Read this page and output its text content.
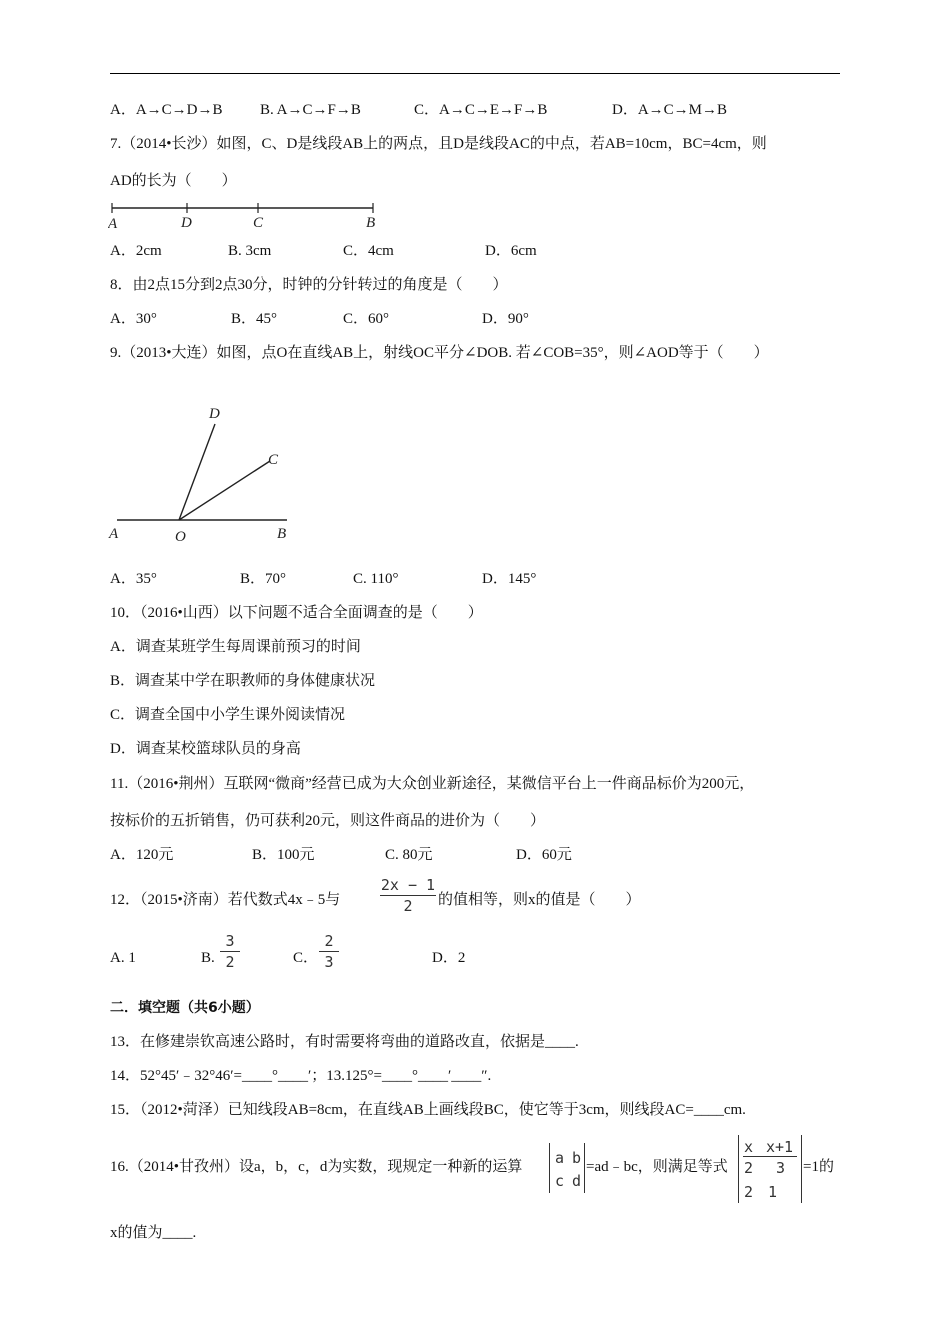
A．A→C→D→B B. A→C→F→B	C．A→C→E→F→B	D．A→C→M→B
7.（2014•长沙）如图，C、D是线段AB上的两点，且D是线段AC的中点，若AB=10cm，BC=4cm，则
AD的长为（　　）
A	D	C	B
A．2cm	B. 3cm	C．4cm	D．6cm
8．由2点15分到2点30分，时钟的分针转过的角度是（　　）
A．30°	B．45°	C．60°	D．90°
9.（2013•大连）如图，点O在直线AB上，射线OC平分∠DOB. 若∠COB=35°，则∠AOD等于（　　）
A	O	B
C
D
A．35°	B．70°	C. 110°	D．145°
10．（2016•山西）以下问题不适合全面调查的是（　　）
A．调查某班学生每周课前预习的时间
B．调查某中学在职教师的身体健康状况
C．调查全国中小学生课外阅读情况
D．调查某校篮球队员的身高
11.（2016•荆州）互联网“微商”经营已成为大众创业新途径，某微信平台上一件商品标价为200元，
按标价的五折销售，仍可获利20元，则这件商品的进价为（　　）
A．120元	B．100元	C. 80元	D．60元
12．（2015•济南）若代数式4x﹣5与
2x − 1
2	的值相等，则x的值是（　　）
A. 1	B.
3
2	C．
2
3	D．2
二．填空题（共6小题）
13．在修建崇钦高速公路时，有时需要将弯曲的道路改直，依据是____.
14．52°45′﹣32°46′=____°____′；13.125°=____°____′____″.
15．（2012•菏泽）已知线段AB=8cm，在直线AB上画线段BC，使它等于3cm，则线段AC=____cm.
16.（2014•甘孜州）设a，b，c，d为实数，现规定一种新的运算 a b
c d
=ad﹣bc，则满足等式
x x+1
2 3
2 1
=1的
x的值为____.
